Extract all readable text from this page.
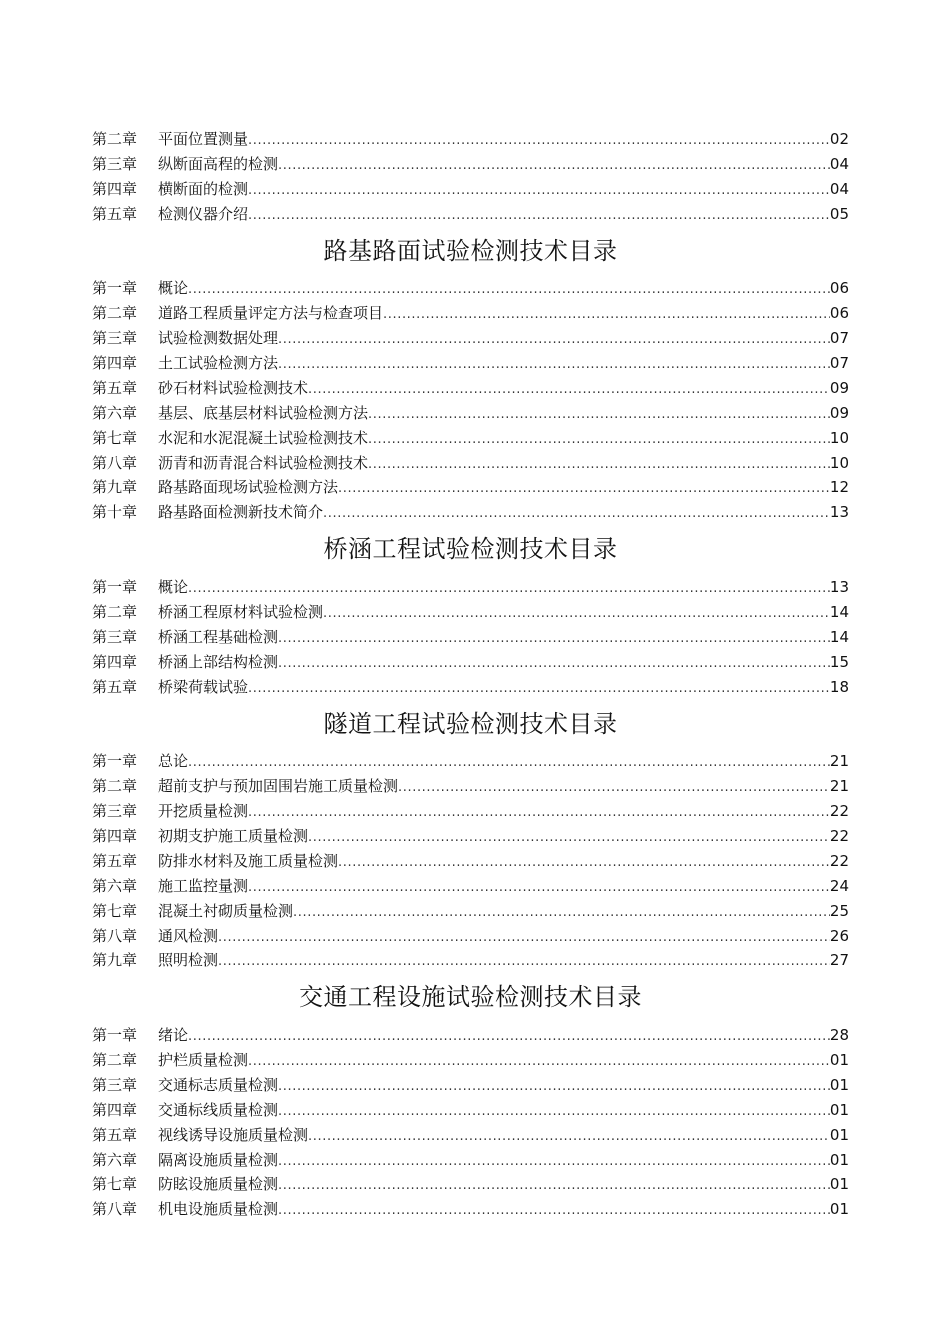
第二章	平面位置测量 .....	02
第三章	纵断面高程的检测 .....	04
第四章	横断面的检测 .....	04
第五章	检测仪器介绍 .....	05
路基路面试验检测技术目录
第一章	概论 .....	06
第二章	道路工程质量评定方法与检查项目 .....	06
第三章	试验检测数据处理 .....	07
第四章	土工试验检测方法 .....	07
第五章	砂石材料试验检测技术 .....	09
第六章	基层、底基层材料试验检测方法 .....	09
第七章	水泥和水泥混凝土试验检测技术 .....	10
第八章	沥青和沥青混合料试验检测技术 .....	10
第九章	路基路面现场试验检测方法 .....	12
第十章	路基路面检测新技术简介 .....	13
桥涵工程试验检测技术目录
第一章	概论 .....	13
第二章	桥涵工程原材料试验检测 .....	14
第三章	桥涵工程基础检测 .....	14
第四章	桥涵上部结构检测 .....	15
第五章	桥梁荷载试验 .....	18
隧道工程试验检测技术目录
第一章	总论 .....	21
第二章	超前支护与预加固围岩施工质量检测 .....	21
第三章	开挖质量检测 .....	22
第四章	初期支护施工质量检测 .....	22
第五章	防排水材料及施工质量检测 .....	22
第六章	施工监控量测 .....	24
第七章	混凝土衬砌质量检测 .....	25
第八章	通风检测 .....	26
第九章	照明检测 .....	27
交通工程设施试验检测技术目录
第一章	绪论 .....	28
第二章	护栏质量检测 .....	01
第三章	交通标志质量检测 .....	01
第四章	交通标线质量检测 .....	01
第五章	视线诱导设施质量检测 .....	01
第六章	隔离设施质量检测 .....	01
第七章	防眩设施质量检测 .....	01
第八章	机电设施质量检测 .....	01
